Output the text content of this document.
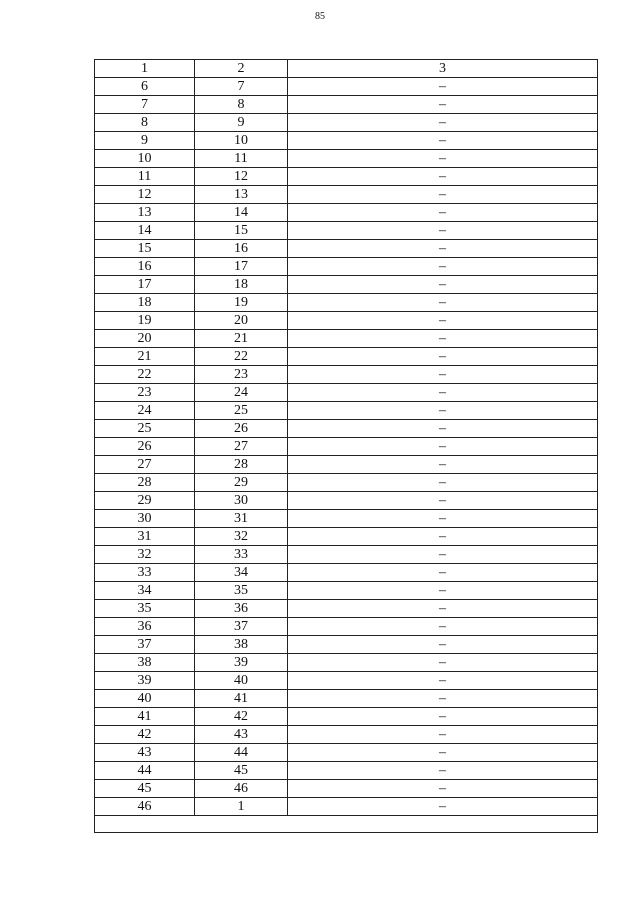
85
1	2	3
6	7	–
7	8	–
8	9	–
9	10	–
10	11	–
11	12	–
12	13	–
13	14	–
14	15	–
15	16	–
16	17	–
17	18	–
18	19	–
19	20	–
20	21	–
21	22	–
22	23	–
23	24	–
24	25	–
25	26	–
26	27	–
27	28	–
28	29	–
29	30	–
30	31	–
31	32	–
32	33	–
33	34	–
34	35	–
35	36	–
36	37	–
37	38	–
38	39	–
39	40	–
40	41	–
41	42	–
42	43	–
43	44	–
44	45	–
45	46	–
46	1	–
